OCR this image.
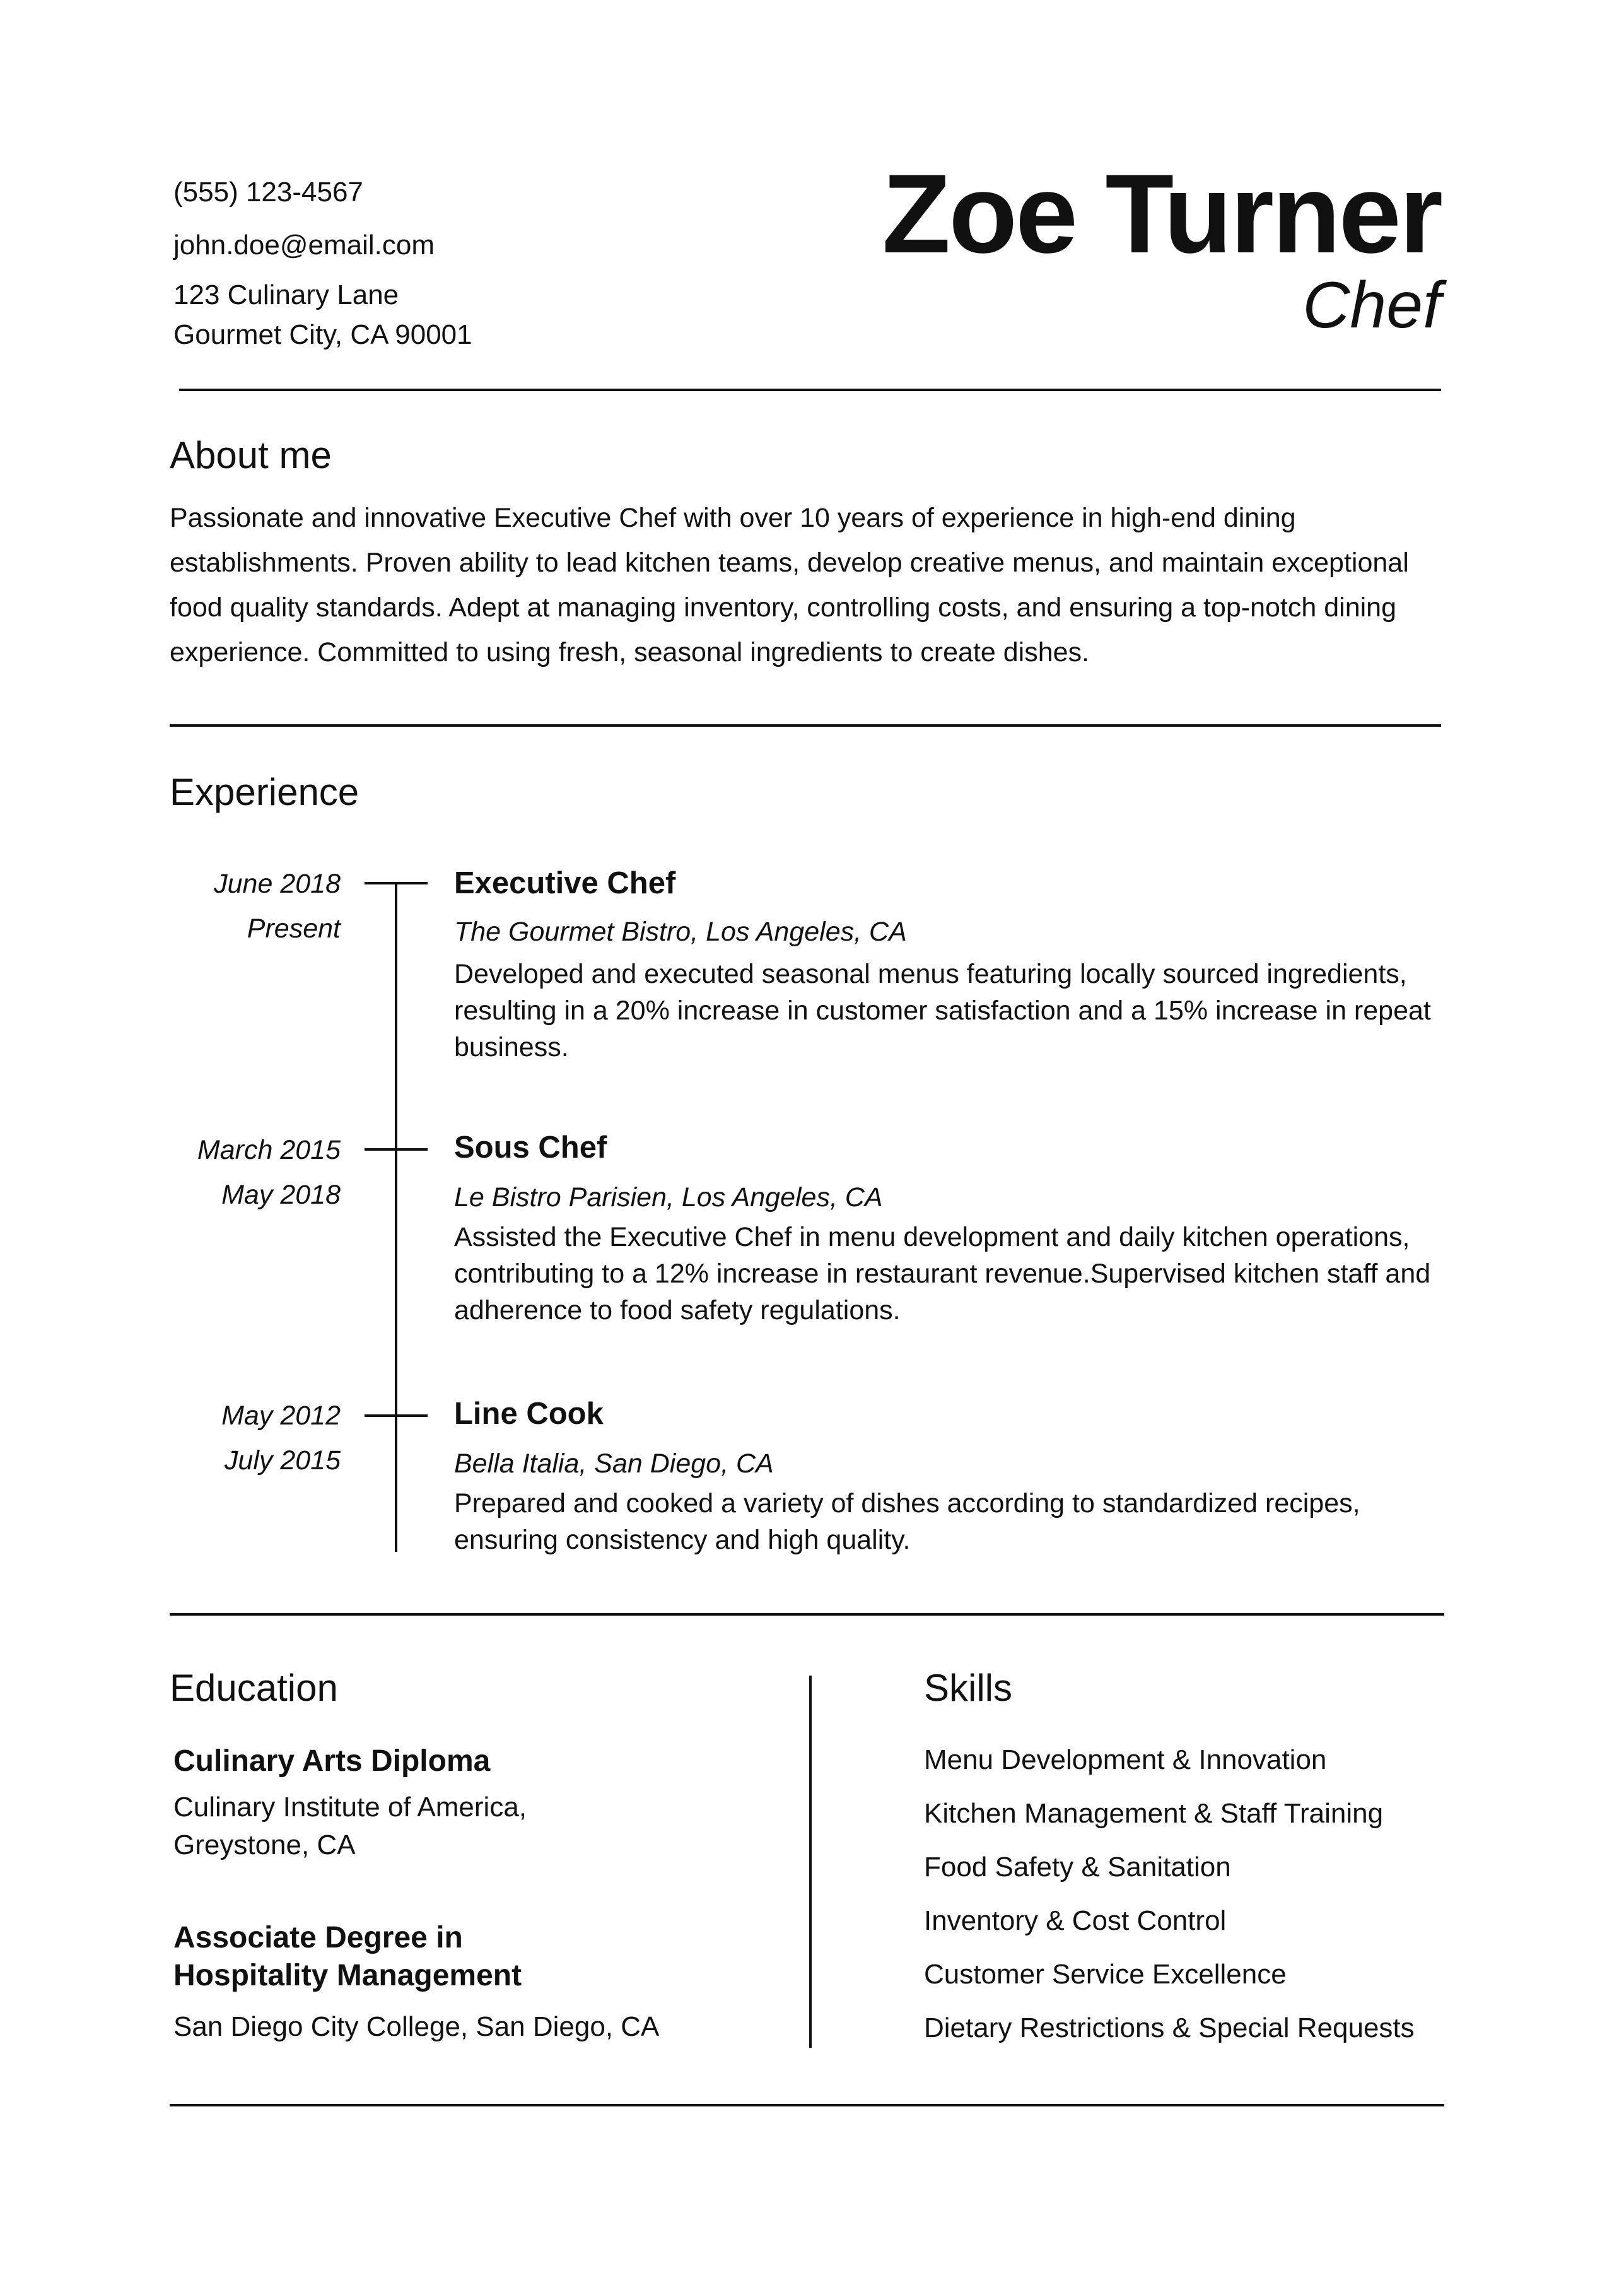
(555) 123-4567
john.doe@email.com
123 Culinary Lane
Gourmet City, CA 90001
Zoe Turner
Chef
About me
Passionate and innovative Executive Chef with over 10 years of experience in high-end dining establishments. Proven ability to lead kitchen teams, develop creative menus, and maintain exceptional food quality standards. Adept at managing inventory, controlling costs, and ensuring a top-notch dining experience. Committed to using fresh, seasonal ingredients to create dishes.
Experience
June 2018
Present
Executive Chef
The Gourmet Bistro, Los Angeles, CA
Developed and executed seasonal menus featuring locally sourced ingredients, resulting in a 20% increase in customer satisfaction and a 15% increase in repeat business.
March 2015
May 2018
Sous Chef
Le Bistro Parisien, Los Angeles, CA
Assisted the Executive Chef in menu development and daily kitchen operations, contributing to a 12% increase in restaurant revenue.Supervised kitchen staff and adherence to food safety regulations.
May 2012
July 2015
Line Cook
Bella Italia, San Diego, CA
Prepared and cooked a variety of dishes according to standardized recipes, ensuring consistency and high quality.
Education
Culinary Arts Diploma
Culinary Institute of America, Greystone, CA
Associate Degree in Hospitality Management
San Diego City College, San Diego, CA
Skills
Menu Development & Innovation
Kitchen Management & Staff Training
Food Safety & Sanitation
Inventory & Cost Control
Customer Service Excellence
Dietary Restrictions & Special Requests
